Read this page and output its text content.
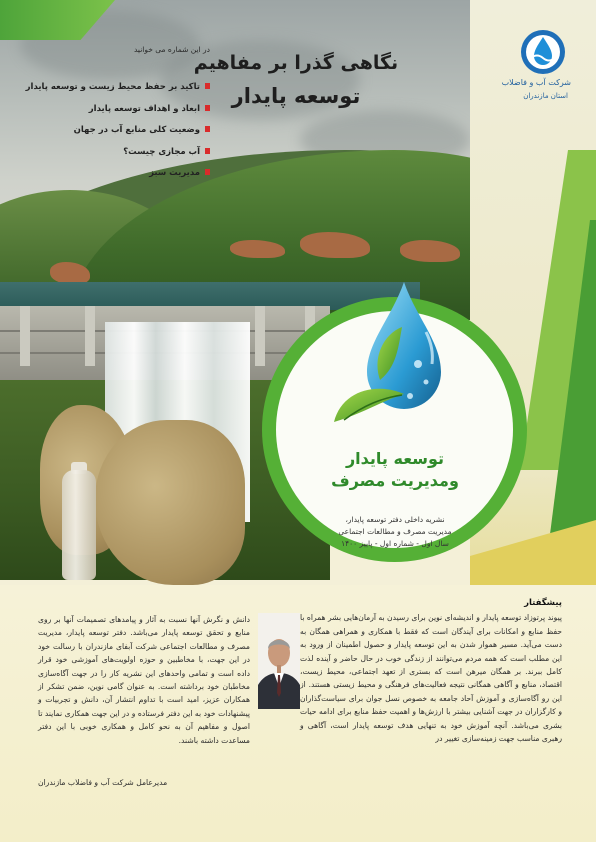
شرکت آب و فاضلاب
استان مازندران
نگاهی گذرا بر مفاهیم
توسعه پایدار
در این شماره می خوانید
تاکید بر حفظ محیط زیست و توسعه پایدار
ابعاد و اهداف توسعه پایدار
وضعیت کلی منابع آب در جهان
آب مجازی چیست؟
مدیریت سبز
توسعه پایدار
ومدیریت مصرف
نشریه داخلی دفتر توسعه پایدار،
مدیریت مصرف و مطالعات اجتماعی
سال اول - شماره اول - پاییز ۱۴۰۰
پیشگفتار
پیوند پرتوزاد توسعه پایدار و اندیشه‌ای نوین برای رسیدن به آرمان‌هایی بشر همراه با حفظ منابع و امکانات برای آیندگان است که فقط با همکاری و همراهی همگان به دست می‌آید. مسیر هموار شدن به این توسعه پایدار و حصول اطمینان از ورود به این مطلب است که همه مردم می‌توانند از زندگی خوب در حال حاضر و آینده لذت کامل ببرند. بر همگان میرهن است که بستری از تعهد اجتماعی، محیط زیست، اقتصاد، منابع و آگاهی همگانی نتیجه فعالیت‌های فرهنگی و محیط زیستی هستند. از این رو آگاه‌سازی و آموزش آحاد جامعه به خصوص نسل جوان برای سیاست‌گذاران و کارگزاران در جهت آشنایی بیشتر با ارزش‌ها و اهمیت حفظ منابع برای ادامه حیات بشری می‌باشد. آنچه آموزش خود به تنهایی هدف توسعه پایدار است، آگاهی و رهبری مناسب جهت زمینه‌سازی تغییر در
دانش و نگرش آنها نسبت به آثار و پیامدهای تصمیمات آنها بر روی منابع و تحقق توسعه پایدار می‌باشد. دفتر توسعه پایدار، مدیریت مصرف و مطالعات اجتماعی شرکت آبفای مازندران با رسالت خود در این جهت، با مخاطبین و حوزه اولویت‌های آموزشی خود قرار داده است و تمامی واحدهای این نشریه کار را در جهت آگاه‌سازی مخاطبان خود برداشته است. به عنوان گامی نوین، ضمن تشکر از همکاران عزیز، امید است با تداوم انتشار آن، دانش و تجربیات و پیشنهادات خود به این دفتر فرستاده و در این جهت همکاری نمایند تا اصول و مفاهیم آن به نحو کامل و همکاری خوبی با این دفتر مساعدت داشته باشند.
مدیرعامل شرکت آب و فاضلاب مازندران
